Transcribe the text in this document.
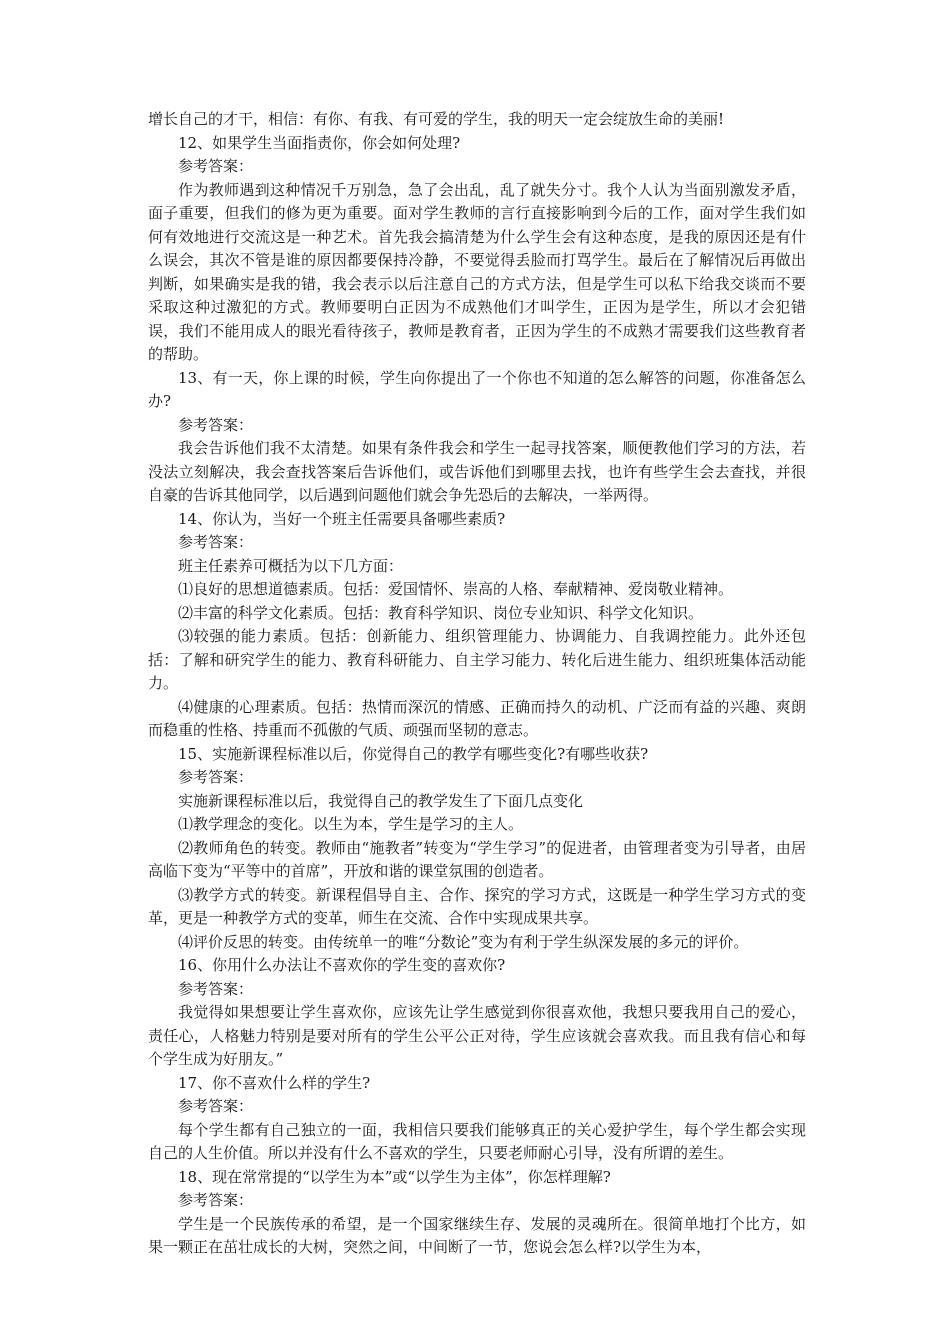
增长自己的才干，相信：有你、有我、有可爱的学生，我的明天一定会绽放生命的美丽!

12、如果学生当面指责你，你会如何处理?

参考答案：

作为教师遇到这种情况千万别急，急了会出乱，乱了就失分寸。我个人认为当面别激发矛盾，面子重要，但我们的修为更为重要。面对学生教师的言行直接影响到今后的工作，面对学生我们如何有效地进行交流这是一种艺术。首先我会搞清楚为什么学生会有这种态度，是我的原因还是有什么误会，其次不管是谁的原因都要保持冷静，不要觉得丢脸而打骂学生。最后在了解情况后再做出判断，如果确实是我的错，我会表示以后注意自己的方式方法，但是学生可以私下给我交谈而不要采取这种过激犯的方式。教师要明白正因为不成熟他们才叫学生，正因为是学生，所以才会犯错误，我们不能用成人的眼光看待孩子，教师是教育者，正因为学生的不成熟才需要我们这些教育者的帮助。

13、有一天，你上课的时候，学生向你提出了一个你也不知道的怎么解答的问题，你准备怎么办?

参考答案：

我会告诉他们我不太清楚。如果有条件我会和学生一起寻找答案，顺便教他们学习的方法，若没法立刻解决，我会查找答案后告诉他们，或告诉他们到哪里去找，也许有些学生会去查找，并很自豪的告诉其他同学，以后遇到问题他们就会争先恐后的去解决，一举两得。

14、你认为，当好一个班主任需要具备哪些素质?

参考答案：

班主任素养可概括为以下几方面：

⑴良好的思想道德素质。包括：爱国情怀、崇高的人格、奉献精神、爱岗敬业精神。

⑵丰富的科学文化素质。包括：教育科学知识、岗位专业知识、科学文化知识。

⑶较强的能力素质。包括：创新能力、组织管理能力、协调能力、自我调控能力。此外还包括：了解和研究学生的能力、教育科研能力、自主学习能力、转化后进生能力、组织班集体活动能力。

⑷健康的心理素质。包括：热情而深沉的情感、正确而持久的动机、广泛而有益的兴趣、爽朗而稳重的性格、持重而不孤傲的气质、顽强而坚韧的意志。

15、实施新课程标准以后，你觉得自己的教学有哪些变化?有哪些收获?

参考答案：

实施新课程标准以后，我觉得自己的教学发生了下面几点变化

⑴教学理念的变化。以生为本，学生是学习的主人。

⑵教师角色的转变。教师由“施教者”转变为“学生学习”的促进者，由管理者变为引导者，由居高临下变为“平等中的首席”，开放和谐的课堂氛围的创造者。

⑶教学方式的转变。新课程倡导自主、合作、探究的学习方式，这既是一种学生学习方式的变革，更是一种教学方式的变革，师生在交流、合作中实现成果共享。

⑷评价反思的转变。由传统单一的唯“分数论”变为有利于学生纵深发展的多元的评价。

16、你用什么办法让不喜欢你的学生变的喜欢你?

参考答案：

我觉得如果想要让学生喜欢你，应该先让学生感觉到你很喜欢他，我想只要我用自己的爱心，责任心，人格魅力特别是要对所有的学生公平公正对待，学生应该就会喜欢我。而且我有信心和每个学生成为好朋友。”

17、你不喜欢什么样的学生?

参考答案：

每个学生都有自己独立的一面，我相信只要我们能够真正的关心爱护学生，每个学生都会实现自己的人生价值。所以并没有什么不喜欢的学生，只要老师耐心引导，没有所谓的差生。

18、现在常常提的“以学生为本”或“以学生为主体”，你怎样理解?

参考答案：

学生是一个民族传承的希望，是一个国家继续生存、发展的灵魂所在。很简单地打个比方，如果一颗正在茁壮成长的大树，突然之间，中间断了一节，您说会怎么样?以学生为本，
